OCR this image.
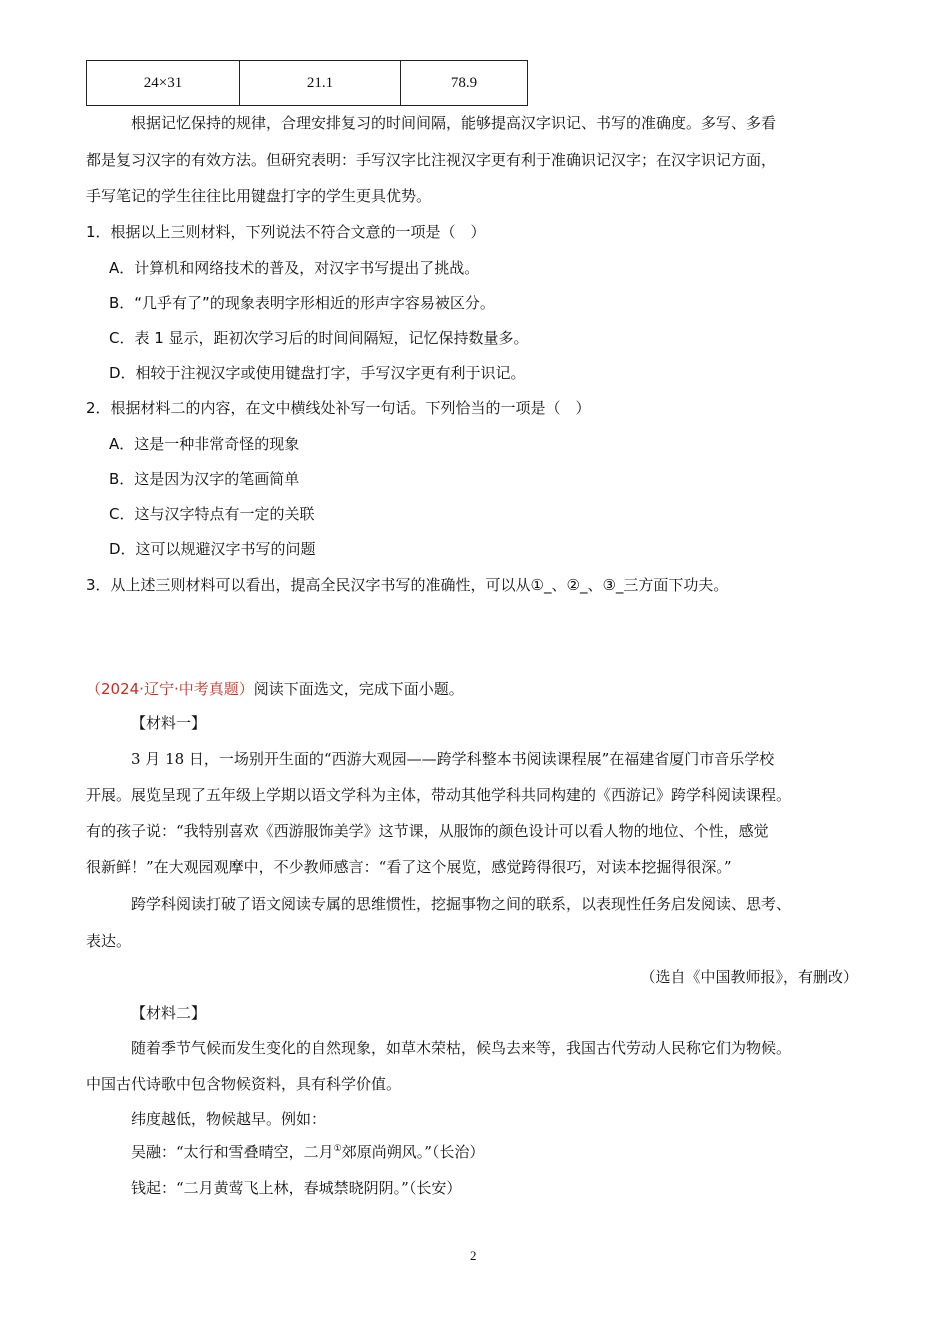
24×31	21.1	78.9
根据记忆保持的规律，合理安排复习的时间间隔，能够提高汉字识记、书写的准确度。多写、多看
都是复习汉字的有效方法。但研究表明：手写汉字比注视汉字更有利于准确识记汉字；在汉字识记方面，
手写笔记的学生往往比用键盘打字的学生更具优势。
1．根据以上三则材料，下列说法不符合文意的一项是（　）
A．计算机和网络技术的普及，对汉字书写提出了挑战。
B．“几乎有了”的现象表明字形相近的形声字容易被区分。
C．表 1 显示，距初次学习后的时间间隔短，记忆保持数量多。
D．相较于注视汉字或使用键盘打字，手写汉字更有利于识记。
2．根据材料二的内容，在文中横线处补写一句话。下列恰当的一项是（　）
A．这是一种非常奇怪的现象
B．这是因为汉字的笔画简单
C．这与汉字特点有一定的关联
D．这可以规避汉字书写的问题
3．从上述三则材料可以看出，提高全民汉字书写的准确性，可以从①_、②_、③_三方面下功夫。
（2024·辽宁·中考真题）阅读下面选文，完成下面小题。
【材料一】
3 月 18 日，一场别开生面的“西游大观园——跨学科整本书阅读课程展”在福建省厦门市音乐学校
开展。展览呈现了五年级上学期以语文学科为主体，带动其他学科共同构建的《西游记》跨学科阅读课程。
有的孩子说：“我特别喜欢《西游服饰美学》这节课，从服饰的颜色设计可以看人物的地位、个性，感觉
很新鲜！”在大观园观摩中，不少教师感言：“看了这个展览，感觉跨得很巧，对读本挖掘得很深。”
跨学科阅读打破了语文阅读专属的思维惯性，挖掘事物之间的联系，以表现性任务启发阅读、思考、
表达。
（选自《中国教师报》，有删改）
【材料二】
随着季节气候而发生变化的自然现象，如草木荣枯，候鸟去来等，我国古代劳动人民称它们为物候。
中国古代诗歌中包含物候资料，具有科学价值。
纬度越低，物候越早。例如：
吴融：“太行和雪叠晴空，二月①郊原尚朔风。”（长治）
钱起：“二月黄莺飞上林，春城禁晓阴阴。”（长安）
2
